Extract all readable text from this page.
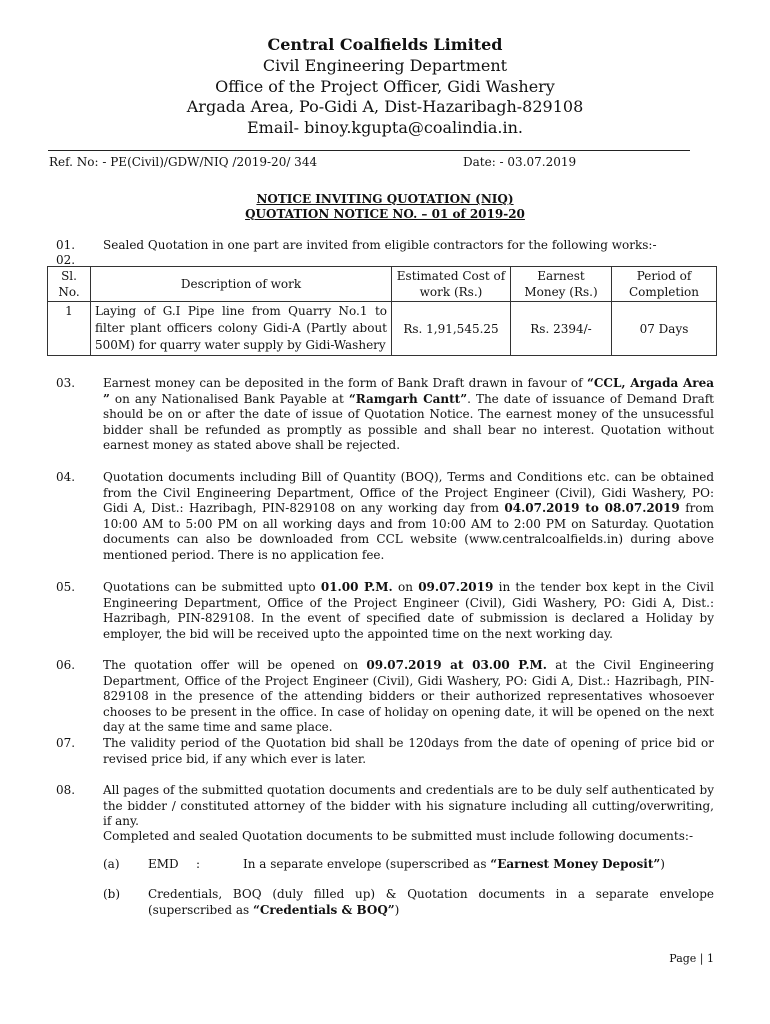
Central Coalfields Limited
Civil Engineering Department
Office of the Project Officer, Gidi Washery
Argada Area, Po-Gidi A, Dist-Hazaribagh-829108
Email- binoy.kgupta@coalindia.in.
Ref. No: - PE(Civil)/GDW/NIQ /2019-20/ 344	Date: - 03.07.2019
NOTICE INVITING QUOTATION (NIQ)
QUOTATION NOTICE NO. – 01 of 2019-20
01. Sealed Quotation in one part are invited from eligible contractors for the following works:-
02.
Sl. No.	Description of work	Estimated Cost of work (Rs.)	Earnest Money (Rs.)	Period of Completion
1	Laying of G.I Pipe line from Quarry No.1 to filter plant officers colony Gidi-A (Partly about 500M) for quarry water supply by Gidi-Washery	Rs. 1,91,545.25	Rs. 2394/-	07 Days
03. Earnest money can be deposited in the form of Bank Draft drawn in favour of “CCL, Argada Area ” on any Nationalised Bank Payable at “Ramgarh Cantt”. The date of issuance of Demand Draft should be on or after the date of issue of Quotation Notice. The earnest money of the unsucessful bidder shall be refunded as promptly as possible and shall bear no interest. Quotation without earnest money as stated above shall be rejected.
04. Quotation documents including Bill of Quantity (BOQ), Terms and Conditions etc. can be obtained from the Civil Engineering Department, Office of the Project Engineer (Civil), Gidi Washery, PO: Gidi A, Dist.: Hazribagh, PIN-829108 on any working day from 04.07.2019 to 08.07.2019 from 10:00 AM to 5:00 PM on all working days and from 10:00 AM to 2:00 PM on Saturday. Quotation documents can also be downloaded from CCL website (www.centralcoalfields.in) during above mentioned period. There is no application fee.
05. Quotations can be submitted upto 01.00 P.M. on 09.07.2019 in the tender box kept in the Civil Engineering Department, Office of the Project Engineer (Civil), Gidi Washery, PO: Gidi A, Dist.: Hazribagh, PIN-829108. In the event of specified date of submission is declared a Holiday by employer, the bid will be received upto the appointed time on the next working day.
06. The quotation offer will be opened on 09.07.2019 at 03.00 P.M. at the Civil Engineering Department, Office of the Project Engineer (Civil), Gidi Washery, PO: Gidi A, Dist.: Hazribagh, PIN-829108 in the presence of the attending bidders or their authorized representatives whosoever chooses to be present in the office. In case of holiday on opening date, it will be opened on the next day at the same time and same place.
07. The validity period of the Quotation bid shall be 120days from the date of opening of price bid or revised price bid, if any which ever is later.
08. All pages of the submitted quotation documents and credentials are to be duly self authenticated by the bidder / constituted attorney of the bidder with his signature including all cutting/overwriting, if any.
Completed and sealed Quotation documents to be submitted must include following documents:-
(a) EMD :	In a separate envelope (superscribed as “Earnest Money Deposit”)
(b) Credentials, BOQ (duly filled up) & Quotation documents in a separate envelope (superscribed as “Credentials & BOQ”)
Page | 1
